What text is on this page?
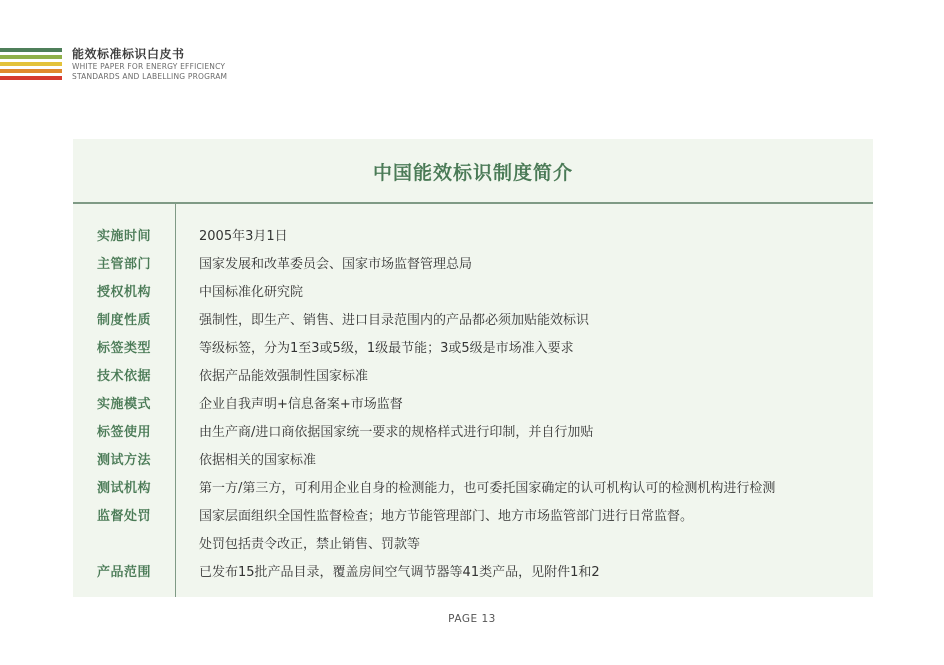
能效标准标识白皮书
WHITE PAPER FOR ENERGY EFFICIENCY
STANDARDS AND LABELLING PROGRAM
中国能效标识制度简介
实施时间	2005年3月1日
主管部门	国家发展和改革委员会、国家市场监督管理总局
授权机构	中国标准化研究院
制度性质	强制性，即生产、销售、进口目录范围内的产品都必须加贴能效标识
标签类型	等级标签，分为1至3或5级，1级最节能；3或5级是市场准入要求
技术依据	依据产品能效强制性国家标准
实施模式	企业自我声明+信息备案+市场监督
标签使用	由生产商/进口商依据国家统一要求的规格样式进行印制，并自行加贴
测试方法	依据相关的国家标准
测试机构	第一方/第三方，可利用企业自身的检测能力，也可委托国家确定的认可机构认可的检测机构进行检测
监督处罚	国家层面组织全国性监督检查；地方节能管理部门、地方市场监管部门进行日常监督。
处罚包括责令改正，禁止销售、罚款等
产品范围	已发布15批产品目录，覆盖房间空气调节器等41类产品，见附件1和2
PAGE 13
